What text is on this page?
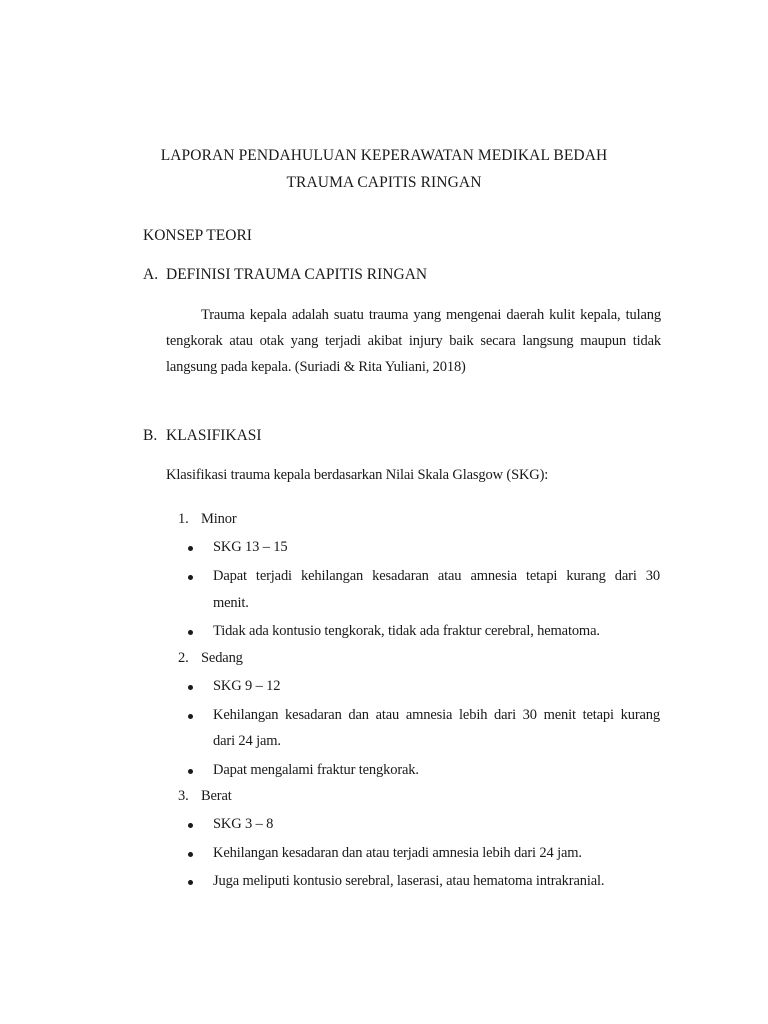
LAPORAN PENDAHULUAN KEPERAWATAN MEDIKAL BEDAH
TRAUMA CAPITIS RINGAN
KONSEP TEORI
A. DEFINISI TRAUMA CAPITIS RINGAN
Trauma kepala adalah suatu trauma yang mengenai daerah kulit kepala, tulang
tengkorak atau otak yang terjadi akibat injury baik secara langsung maupun tidak
langsung pada kepala. (Suriadi & Rita Yuliani, 2018)
B. KLASIFIKASI
Klasifikasi trauma kepala berdasarkan Nilai Skala Glasgow (SKG):
1. Minor
SKG 13 – 15
Dapat terjadi kehilangan kesadaran atau amnesia tetapi kurang dari 30
menit.
Tidak ada kontusio tengkorak, tidak ada fraktur cerebral, hematoma.
2. Sedang
SKG 9 – 12
Kehilangan kesadaran dan atau amnesia lebih dari 30 menit tetapi kurang
dari 24 jam.
Dapat mengalami fraktur tengkorak.
3. Berat
SKG 3 – 8
Kehilangan kesadaran dan atau terjadi amnesia lebih dari 24 jam.
Juga meliputi kontusio serebral, laserasi, atau hematoma intrakranial.
